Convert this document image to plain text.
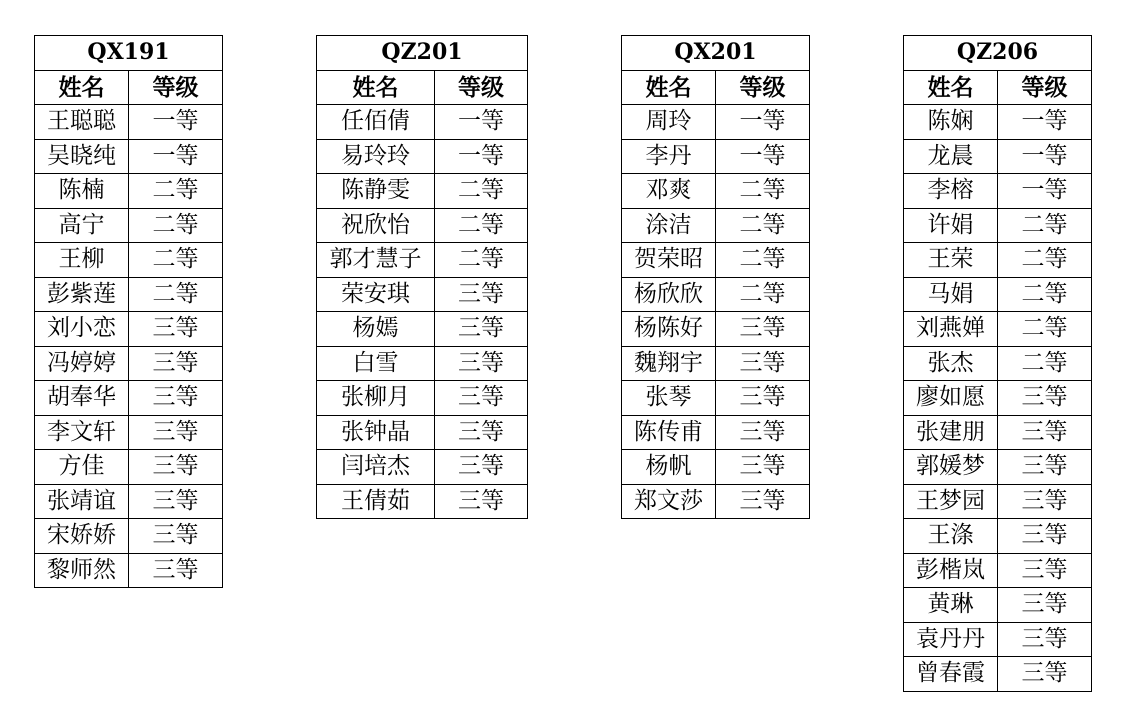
QX191	
姓名	等级
王聪聪	一等
吴晓纯	一等
陈楠	二等
高宁	二等
王柳	二等
彭紫莲	二等
刘小恋	三等
冯婷婷	三等
胡奉华	三等
李文轩	三等
方佳	三等
张靖谊	三等
宋娇娇	三等
黎师然	三等
QZ201	
姓名	等级
任佰倩	一等
易玲玲	一等
陈静雯	二等
祝欣怡	二等
郭才慧子	二等
荣安琪	三等
杨嫣	三等
白雪	三等
张柳月	三等
张钟晶	三等
闫培杰	三等
王倩茹	三等
QX201	
姓名	等级
周玲	一等
李丹	一等
邓爽	二等
涂洁	二等
贺荣昭	二等
杨欣欣	二等
杨陈好	三等
魏翔宇	三等
张琴	三等
陈传甫	三等
杨帆	三等
郑文莎	三等
QZ206	
姓名	等级
陈娴	一等
龙晨	一等
李榕	一等
许娟	二等
王荣	二等
马娟	二等
刘燕婵	二等
张杰	二等
廖如愿	三等
张建朋	三等
郭媛梦	三等
王梦园	三等
王涤	三等
彭楷岚	三等
黄琳	三等
袁丹丹	三等
曾春霞	三等
